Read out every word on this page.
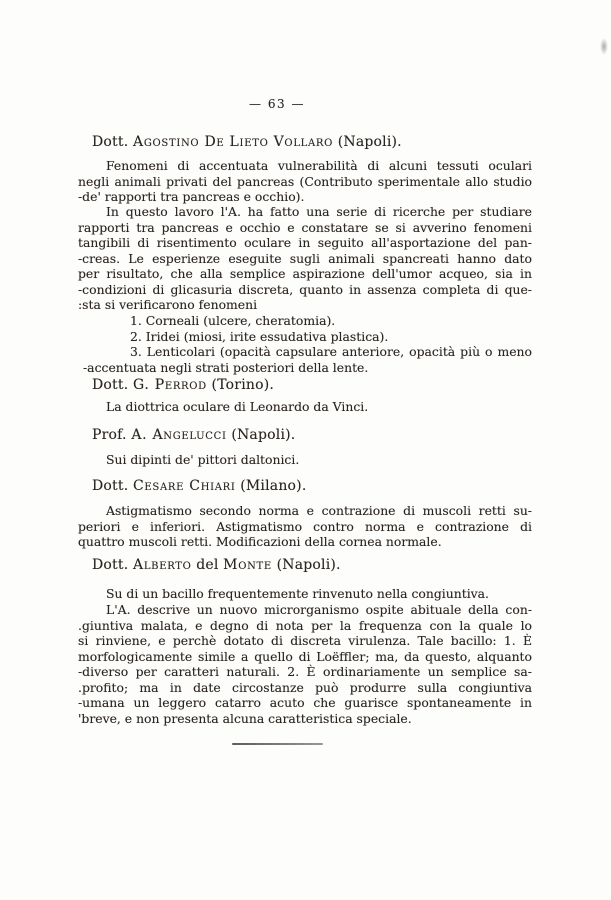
— 63 —
Dott. Agostino De Lieto Vollaro (Napoli).
Fenomeni di accentuata vulnerabilità di alcuni tessuti oculari
negli animali privati del pancreas (Contributo sperimentale allo studio
-de' rapporti tra pancreas e occhio).
In questo lavoro l'A. ha fatto una serie di ricerche per studiare
rapporti tra pancreas e occhio e constatare se si avverino fenomeni
tangibili di risentimento oculare in seguito all'asportazione del pan-
-creas. Le esperienze eseguite sugli animali spancreati hanno dato
per risultato, che alla semplice aspirazione dell'umor acqueo, sia in
-condizioni di glicasuria discreta, quanto in assenza completa di que-
:sta si verificarono fenomeni
1. Corneali (ulcere, cheratomia).
2. Iridei (miosi, irite essudativa plastica).
3. Lenticolari (opacità capsulare anteriore, opacità più o meno
-accentuata negli strati posteriori della lente.
Dott. G. Perrod (Torino).
La diottrica oculare di Leonardo da Vinci.
Prof. A. Angelucci (Napoli).
Sui dipinti de' pittori daltonici.
Dott. Cesare Chiari (Milano).
Astigmatismo secondo norma e contrazione di muscoli retti su-
periori e inferiori. Astigmatismo contro norma e contrazione di
quattro muscoli retti. Modificazioni della cornea normale.
Dott. Alberto del Monte (Napoli).
Su di un bacillo frequentemente rinvenuto nella congiuntiva.
L'A. descrive un nuovo microrganismo ospite abituale della con-
.giuntiva malata, e degno di nota per la frequenza con la quale lo
si rinviene, e perchè dotato di discreta virulenza. Tale bacillo: 1. È
morfologicamente simile a quello di Loëffler; ma, da questo, alquanto
-diverso per caratteri naturali. 2. È ordinariamente un semplice sa-
.profito; ma in date circostanze può produrre sulla congiuntiva
-umana un leggero catarro acuto che guarisce spontaneamente in
'breve, e non presenta alcuna caratteristica speciale.
